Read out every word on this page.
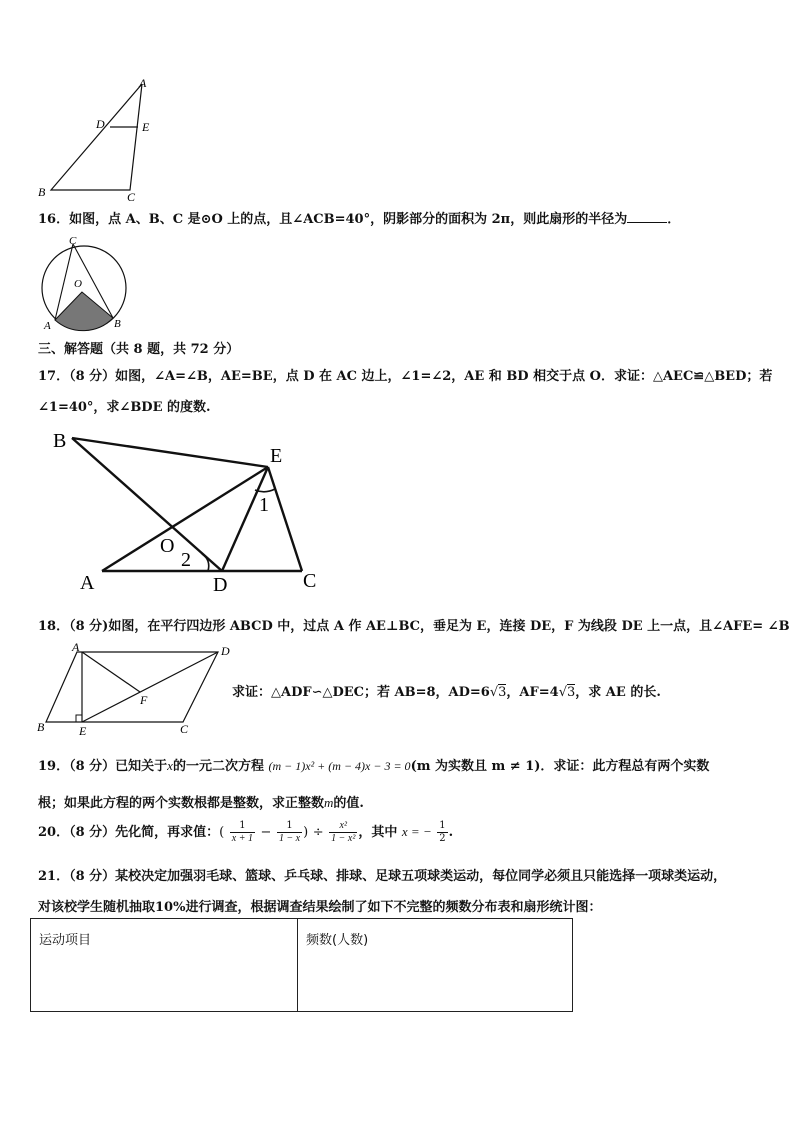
A
D	E
B	C
16．如图，点 A、B、C 是⊙O 上的点，且∠ACB=40°，阴影部分的面积为 2π，则此扇形的半径为	．
C
O
A	B
三、解答题（共 8 题，共 72 分）
17．（8 分）如图，∠A=∠B，AE=BE，点 D 在 AC 边上，∠1=∠2，AE 和 BD 相交于点 O．求证：△AEC≌△BED；若
∠1=40°，求∠BDE 的度数.
B
E
1
O
2
A	D	C
18．（8 分)如图，在平行四边形 ABCD 中，过点 A 作 AE⊥BC，垂足为 E，连接 DE，F 为线段 DE 上一点，且∠AFE= ∠B
A	D
F
B	E	C
求证：△ADF∽△DEC；若 AB=8，AD=6√3，AF=4√3，求 AE 的长.
19．（8 分）已知关于x的一元二次方程 (m − 1)x² + (m − 4)x − 3 = 0(m 为实数且 m ≠ 1)．求证：此方程总有两个实数
根；如果此方程的两个实数根都是整数，求正整数m的值.
20．（8 分）先化简，再求值：( $\frac{1}{x + 1} - \frac{1}{1 - x}$ ) ÷ $\frac{\text{x²}}{\text{1 − x²}}$ ，其中 x = − $\frac{1}{2}$ .
21．（8 分）某校决定加强羽毛球、篮球、乒乓球、排球、足球五项球类运动，每位同学必须且只能选择一项球类运动，
对该校学生随机抽取10%进行调查，根据调查结果绘制了如下不完整的频数分布表和扇形统计图：
运动项目	频数(人数)
